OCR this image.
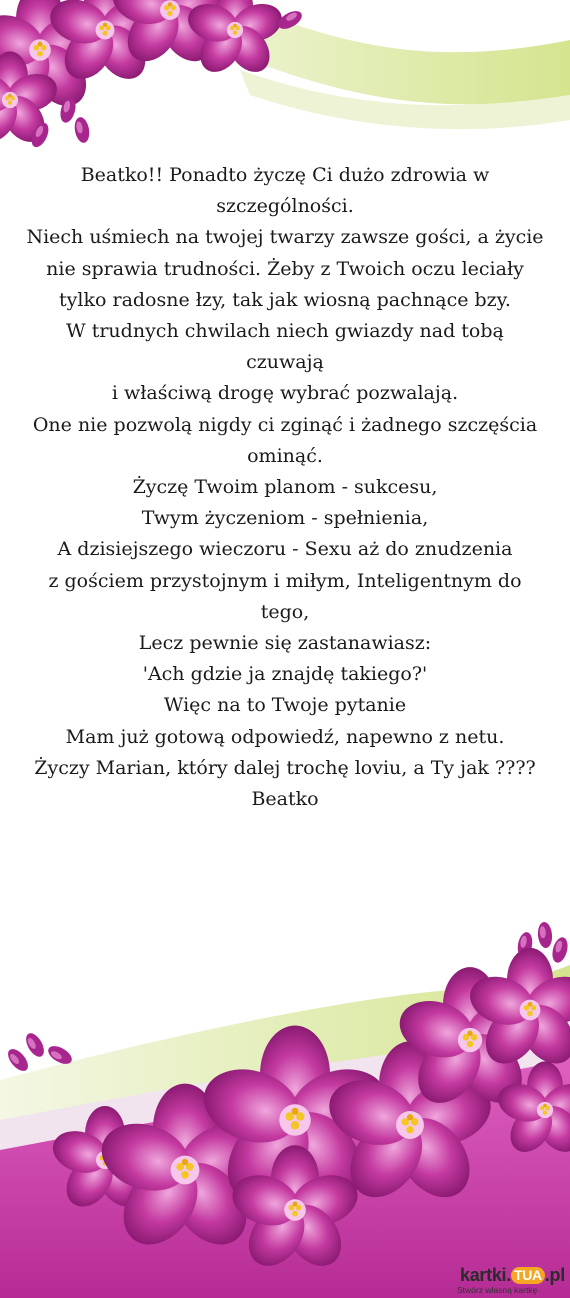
Beatko!! Ponadto życzę Ci dużo zdrowia w
szczególności.
Niech uśmiech na twojej twarzy zawsze gości, a życie
nie sprawia trudności. Żeby z Twoich oczu leciały
tylko radosne łzy, tak jak wiosną pachnące bzy.
W trudnych chwilach niech gwiazdy nad tobą
czuwają
i właściwą drogę wybrać pozwalają.
One nie pozwolą nigdy ci zginąć i żadnego szczęścia
ominąć.
Życzę Twoim planom - sukcesu,
Twym życzeniom - spełnienia,
A dzisiejszego wieczoru - Sexu aż do znudzenia
z gościem przystojnym i miłym, Inteligentnym do
tego,
Lecz pewnie się zastanawiasz:
'Ach gdzie ja znajdę takiego?'
Więc na to Twoje pytanie
Mam już gotową odpowiedź, napewno z netu.
Życzy Marian, który dalej trochę loviu, a Ty jak ????
Beatko
kartki. TUA .pl
Stwórz własną kartkę
